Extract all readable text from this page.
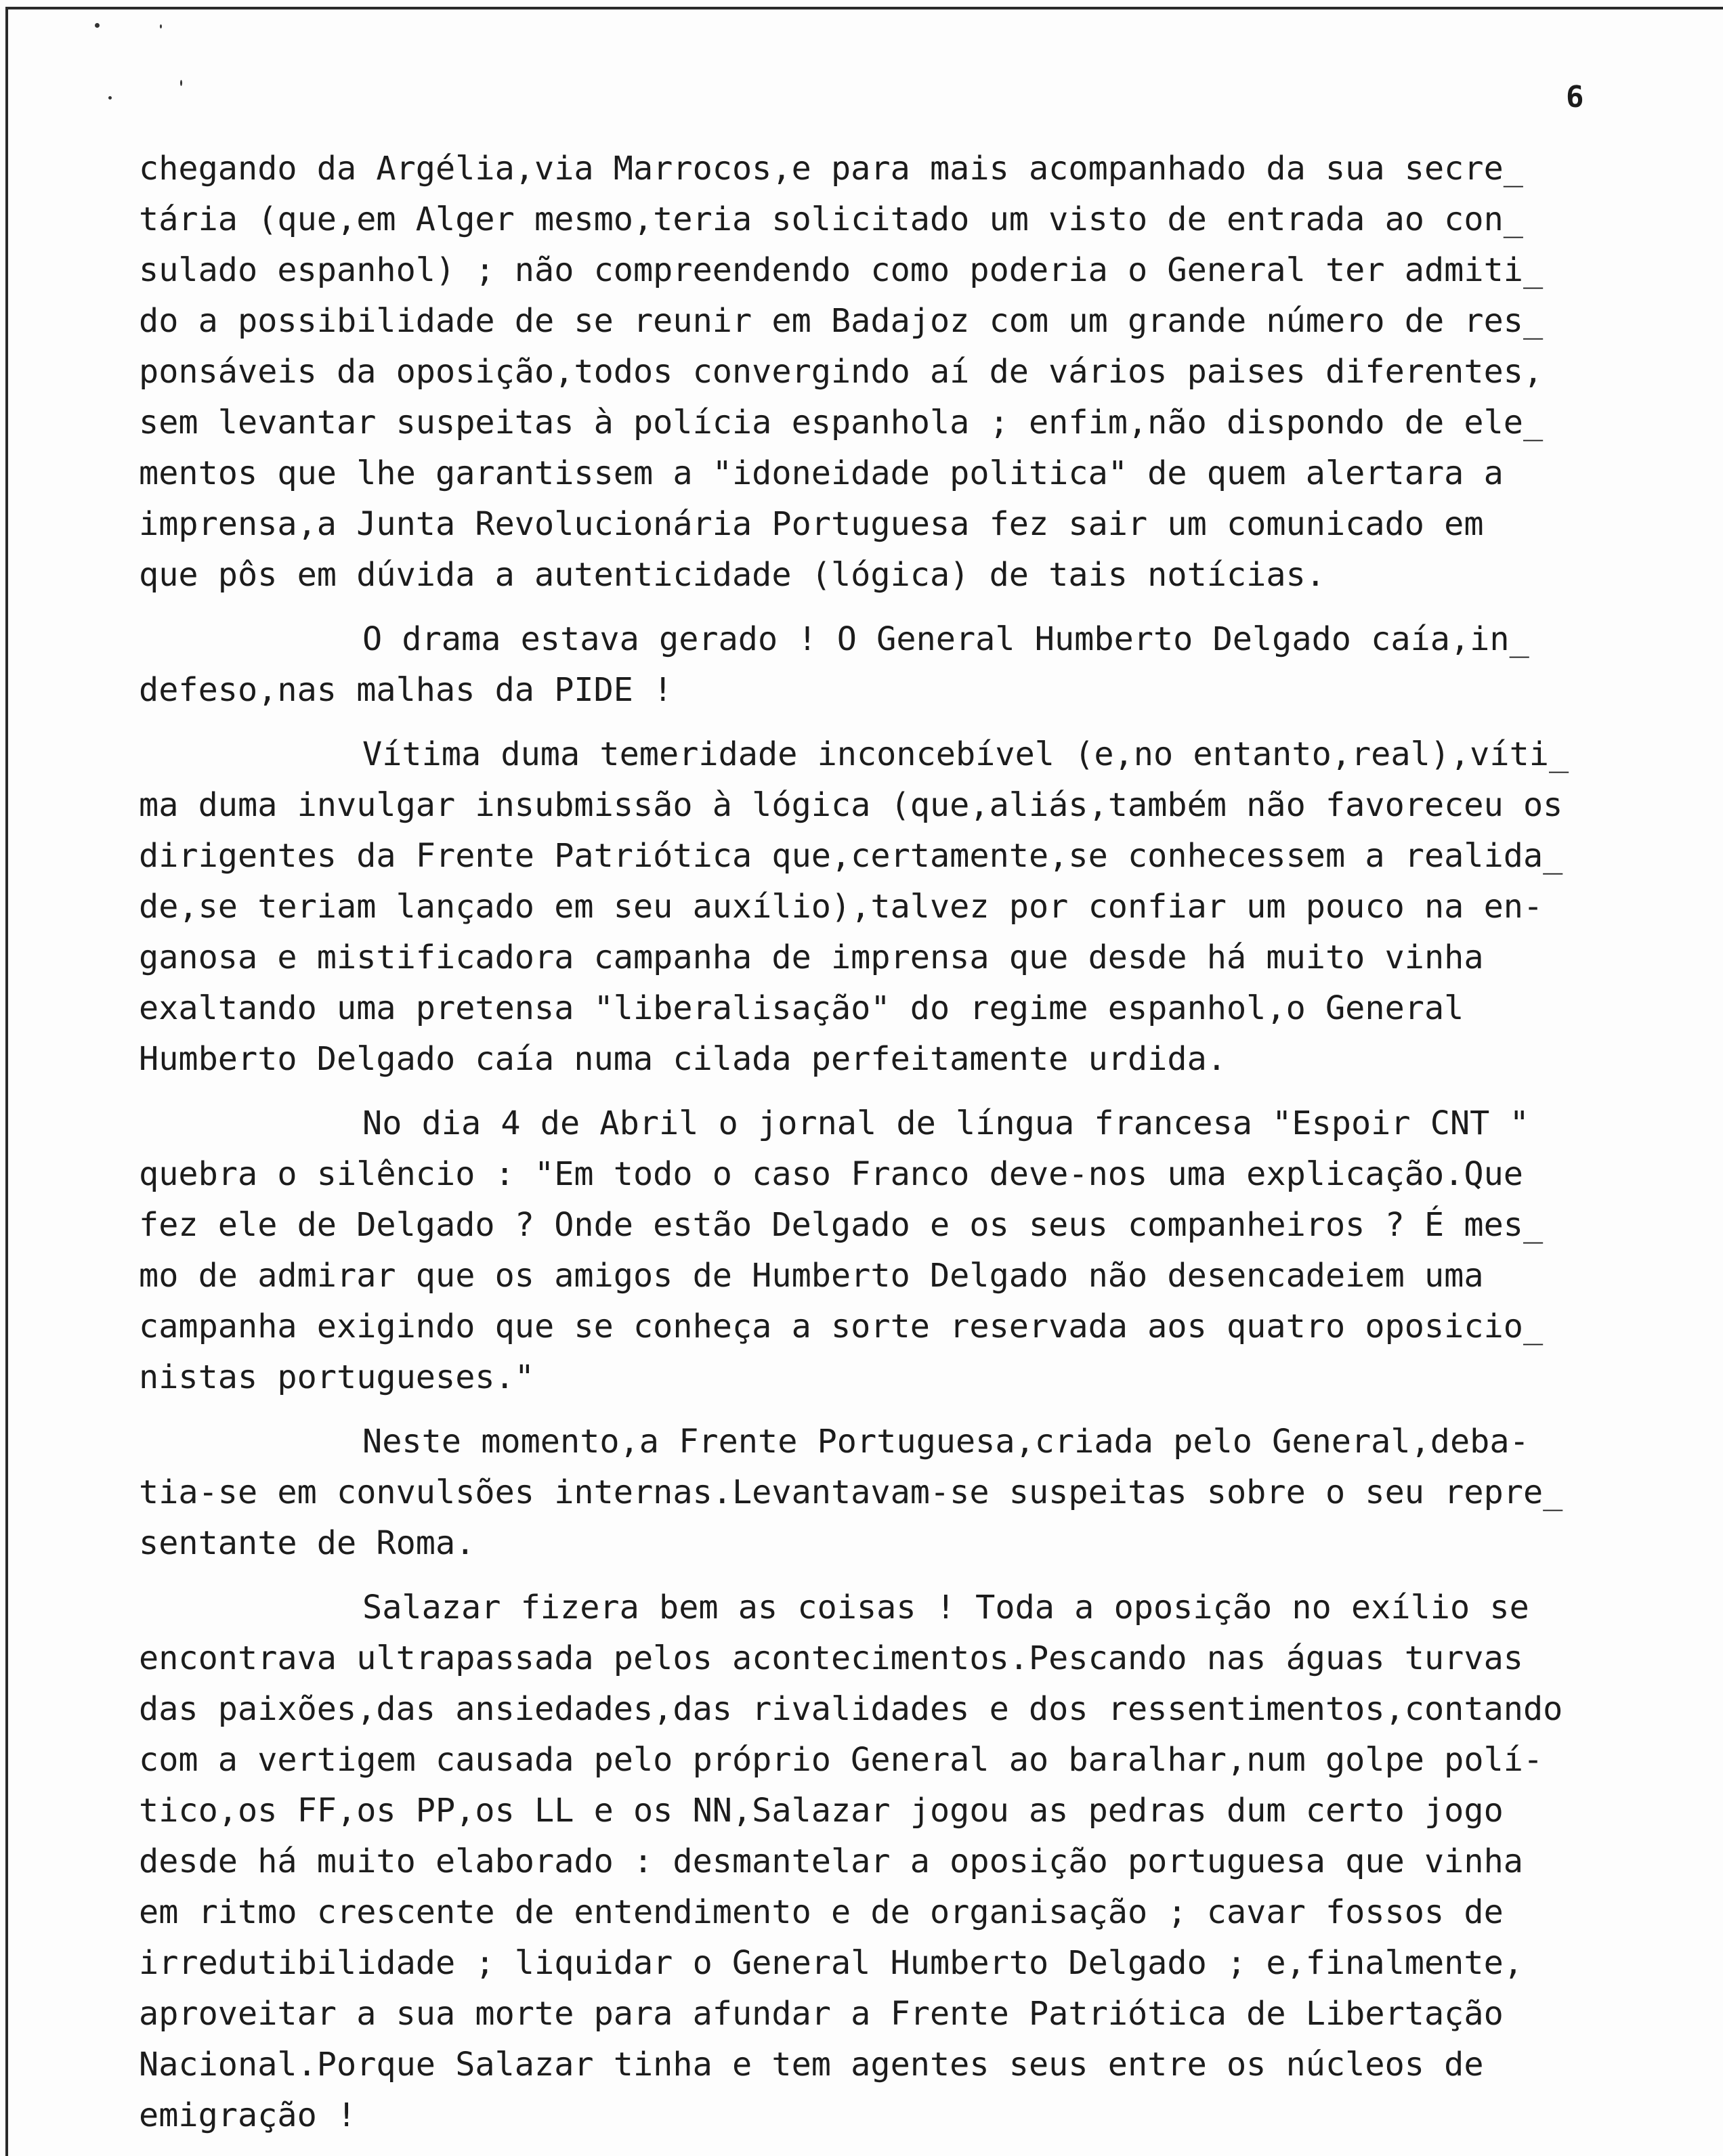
6

chegando da Argélia,via Marrocos,e para mais acompanhado da sua secre_
tária (que,em Alger mesmo,teria solicitado um visto de entrada ao con_
sulado espanhol) ; não compreendendo como poderia o General ter admiti_
do a possibilidade de se reunir em Badajoz com um grande número de res_
ponsáveis da oposição,todos convergindo aí de vários paises diferentes,
sem levantar suspeitas à polícia espanhola ; enfim,não dispondo de ele_
mentos que lhe garantissem a "idoneidade politica" de quem alertara a
imprensa,a Junta Revolucionária Portuguesa fez sair um comunicado em
que pôs em dúvida a autenticidade (lógica) de tais notícias.
O drama estava gerado ! O General Humberto Delgado caía,in_
defeso,nas malhas da PIDE !
Vítima duma temeridade inconcebível (e,no entanto,real),víti_
ma duma invulgar insubmissão à lógica (que,aliás,também não favoreceu os
dirigentes da Frente Patriótica que,certamente,se conhecessem a realida_
de,se teriam lançado em seu auxílio),talvez por confiar um pouco na en-
ganosa e mistificadora campanha de imprensa que desde há muito vinha
exaltando uma pretensa "liberalisação" do regime espanhol,o General
Humberto Delgado caía numa cilada perfeitamente urdida.
No dia 4 de Abril o jornal de língua francesa "Espoir CNT "
quebra o silêncio : "Em todo o caso Franco deve-nos uma explicação.Que
fez ele de Delgado ? Onde estão Delgado e os seus companheiros ? É mes_
mo de admirar que os amigos de Humberto Delgado não desencadeiem uma
campanha exigindo que se conheça a sorte reservada aos quatro oposicio_
nistas portugueses."
Neste momento,a Frente Portuguesa,criada pelo General,deba-
tia-se em convulsões internas.Levantavam-se suspeitas sobre o seu repre_
sentante de Roma.
Salazar fizera bem as coisas ! Toda a oposição no exílio se
encontrava ultrapassada pelos acontecimentos.Pescando nas águas turvas
das paixões,das ansiedades,das rivalidades e dos ressentimentos,contando
com a vertigem causada pelo próprio General ao baralhar,num golpe polí-
tico,os FF,os PP,os LL e os NN,Salazar jogou as pedras dum certo jogo
desde há muito elaborado : desmantelar a oposição portuguesa que vinha
em ritmo crescente de entendimento e de organisação ; cavar fossos de
irredutibilidade ; liquidar o General Humberto Delgado ; e,finalmente,
aproveitar a sua morte para afundar a Frente Patriótica de Libertação
Nacional.Porque Salazar tinha e tem agentes seus entre os núcleos de
emigração !
